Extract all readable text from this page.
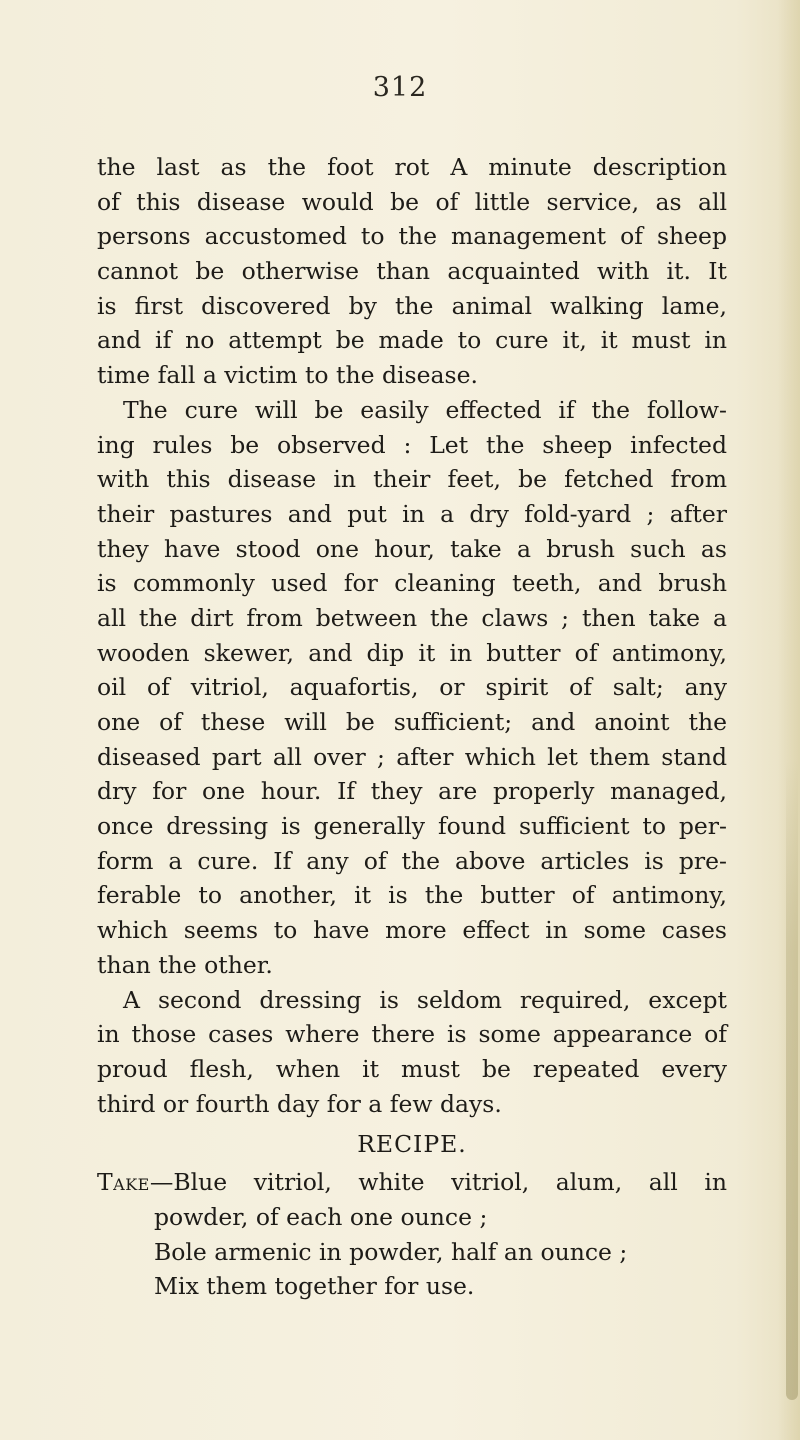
312
the last as the foot rot A minute description
of this disease would be of little service, as all
persons accustomed to the management of sheep
cannot be otherwise than acquainted with it. It
is first discovered by the animal walking lame,
and if no attempt be made to cure it, it must in
time fall a victim to the disease.
The cure will be easily effected if the follow-
ing rules be observed : Let the sheep infected
with this disease in their feet, be fetched from
their pastures and put in a dry fold-yard ; after
they have stood one hour, take a brush such as
is commonly used for cleaning teeth, and brush
all the dirt from between the claws ; then take a
wooden skewer, and dip it in butter of antimony,
oil of vitriol, aquafortis, or spirit of salt; any
one of these will be sufficient; and anoint the
diseased part all over ; after which let them stand
dry for one hour. If they are properly managed,
once dressing is generally found sufficient to per-
form a cure. If any of the above articles is pre-
ferable to another, it is the butter of antimony,
which seems to have more effect in some cases
than the other.
A second dressing is seldom required, except
in those cases where there is some appearance of
proud flesh, when it must be repeated every
third or fourth day for a few days.
RECIPE.
Take—Blue vitriol, white vitriol, alum, all in
powder, of each one ounce ;
Bole armenic in powder, half an ounce ;
Mix them together for use.
